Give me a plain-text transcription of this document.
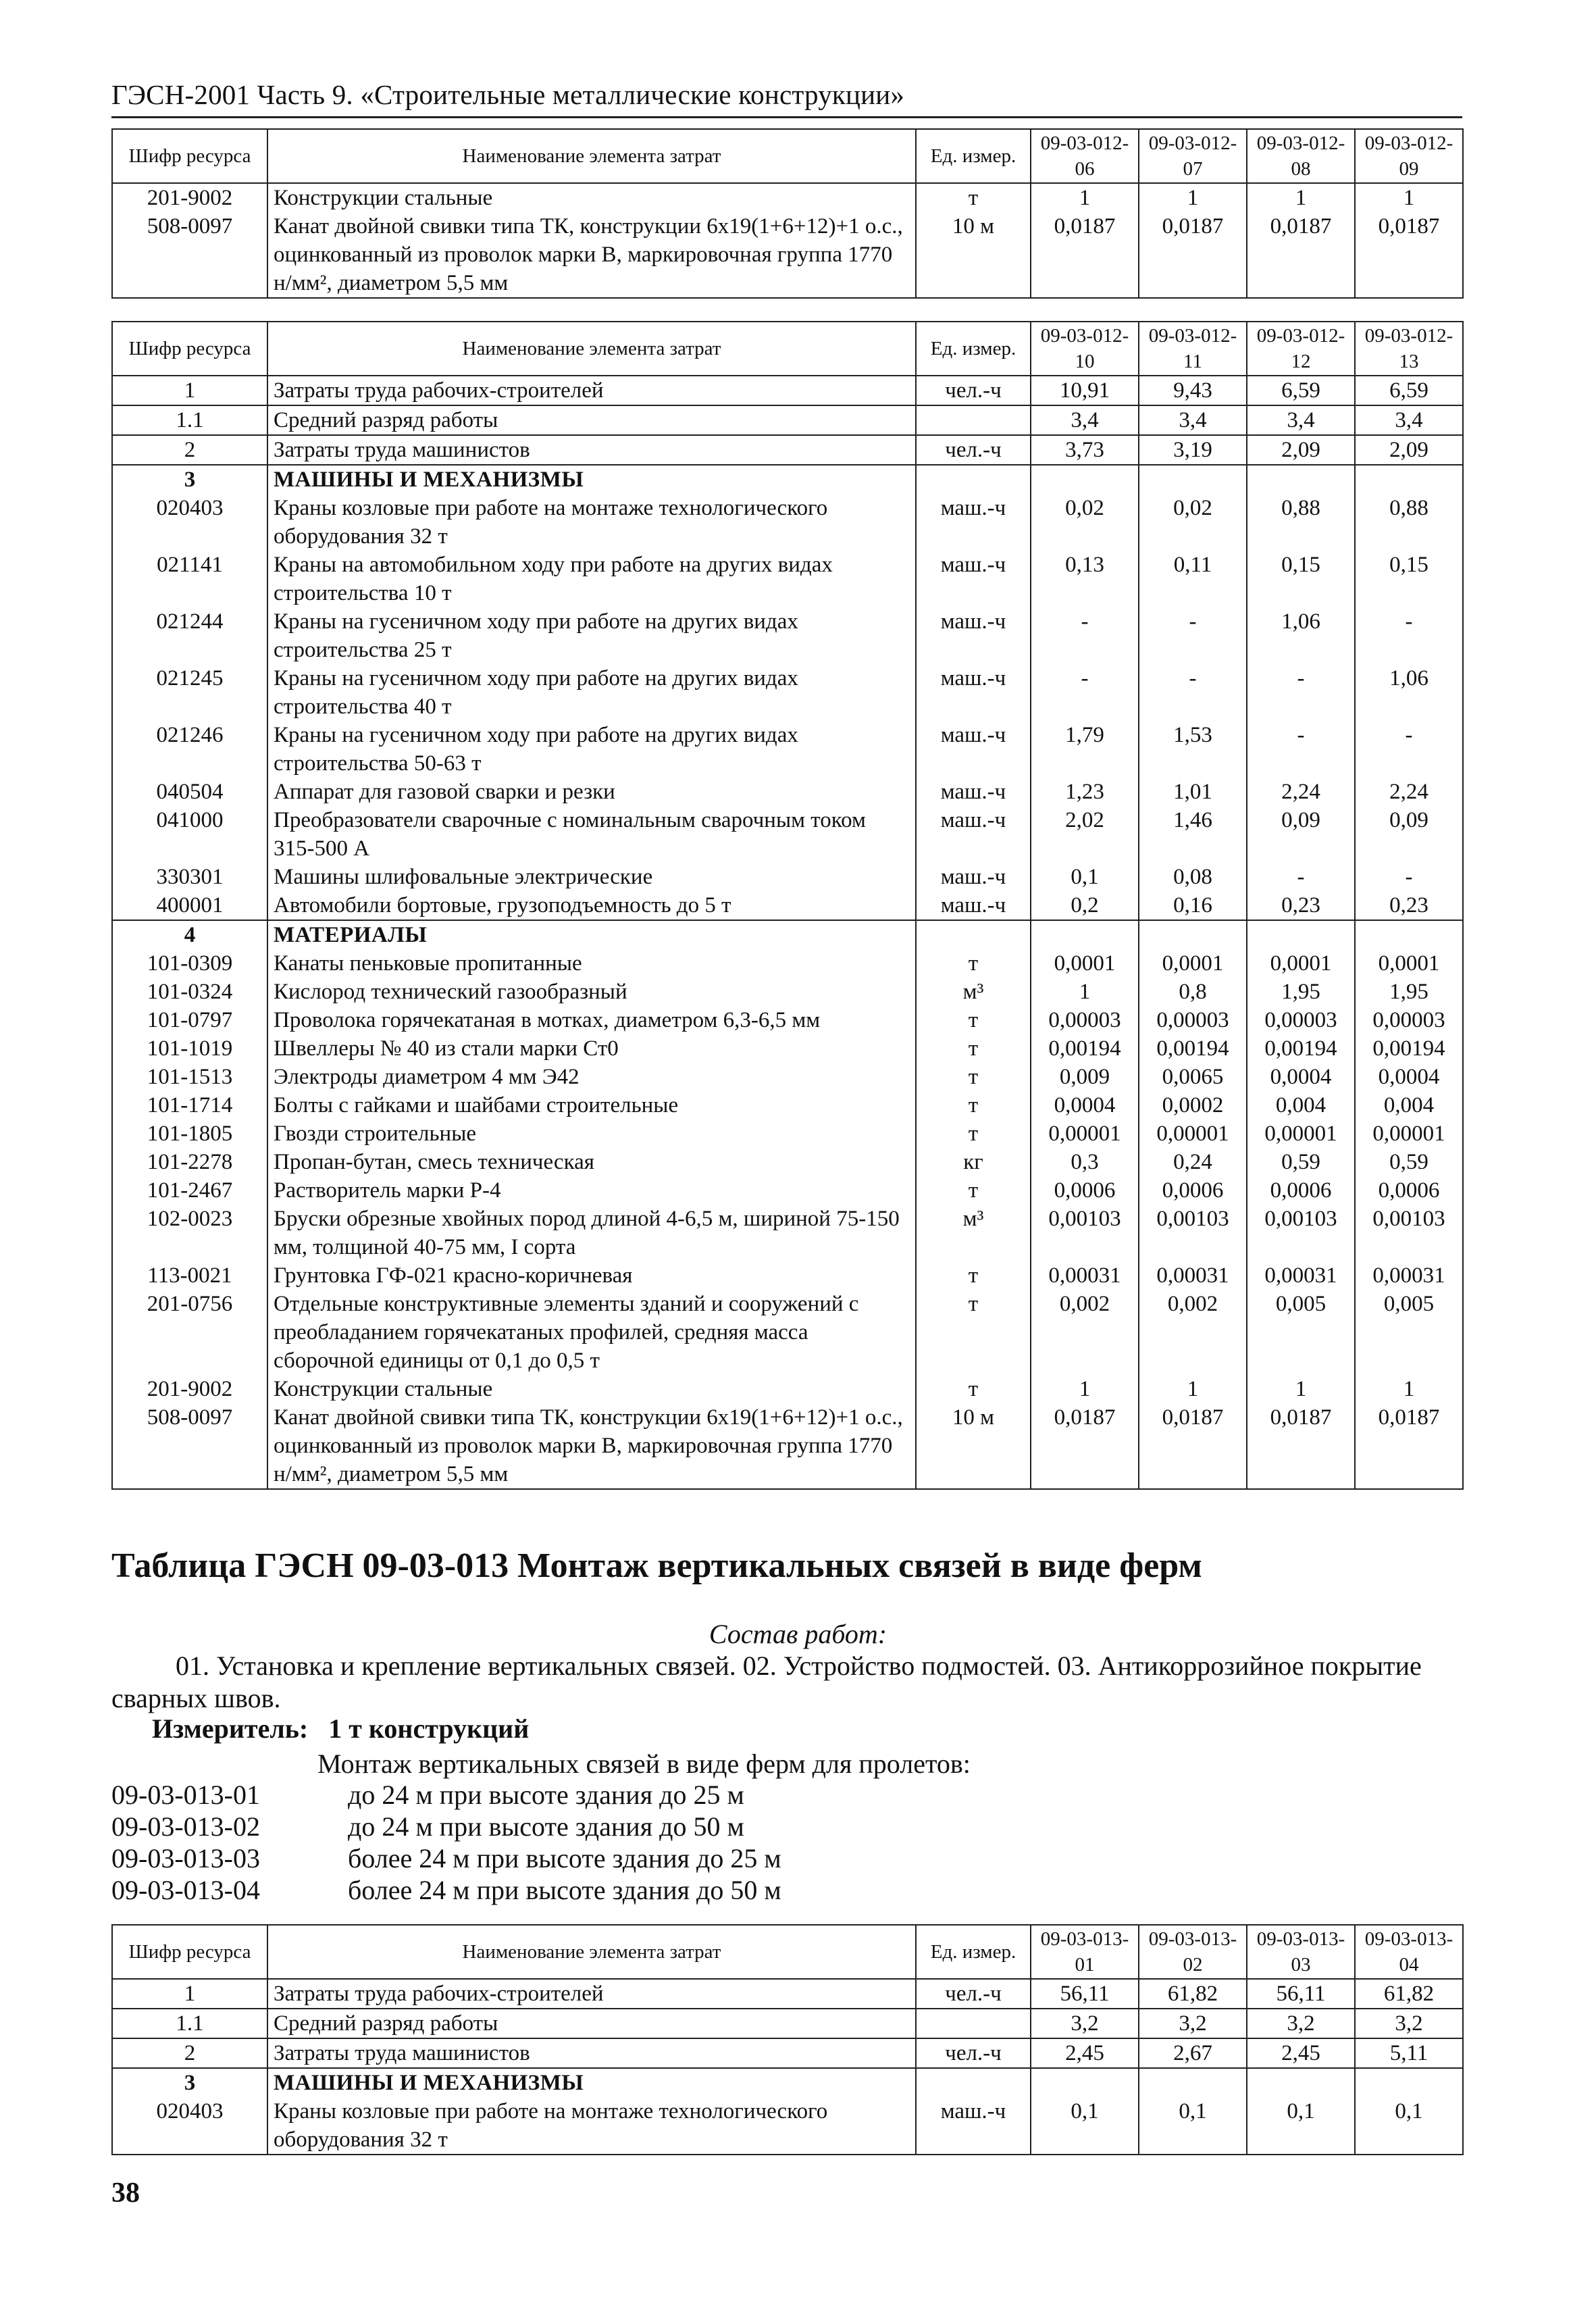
ГЭСН-2001 Часть 9. «Строительные металлические конструкции»
Шифр ресурса	Наименование элемента затрат	Ед. измер.	09-03-012-06	09-03-012-07	09-03-012-08	09-03-012-09
201-9002	Конструкции стальные	т	1	1	1	1
508-0097	Канат двойной свивки типа ТК, конструкции 6х19(1+6+12)+1 о.с., оцинкованный из проволок марки В, маркировочная группа 1770 н/мм², диаметром 5,5 мм	10 м	0,0187	0,0187	0,0187	0,0187
Шифр ресурса	Наименование элемента затрат	Ед. измер.	09-03-012-10	09-03-012-11	09-03-012-12	09-03-012-13
1	Затраты труда рабочих-строителей	чел.-ч	10,91	9,43	6,59	6,59
1.1	Средний разряд работы		3,4	3,4	3,4	3,4
2	Затраты труда машинистов	чел.-ч	3,73	3,19	2,09	2,09
3	МАШИНЫ И МЕХАНИЗМЫ					
020403	Краны козловые при работе на монтаже технологического оборудования 32 т	маш.-ч	0,02	0,02	0,88	0,88
021141	Краны на автомобильном ходу при работе на других видах строительства 10 т	маш.-ч	0,13	0,11	0,15	0,15
021244	Краны на гусеничном ходу при работе на других видах строительства 25 т	маш.-ч	-	-	1,06	-
021245	Краны на гусеничном ходу при работе на других видах строительства 40 т	маш.-ч	-	-	-	1,06
021246	Краны на гусеничном ходу при работе на других видах строительства 50-63 т	маш.-ч	1,79	1,53	-	-
040504	Аппарат для газовой сварки и резки	маш.-ч	1,23	1,01	2,24	2,24
041000	Преобразователи сварочные с номинальным сварочным током 315-500 А	маш.-ч	2,02	1,46	0,09	0,09
330301	Машины шлифовальные электрические	маш.-ч	0,1	0,08	-	-
400001	Автомобили бортовые, грузоподъемность до 5 т	маш.-ч	0,2	0,16	0,23	0,23
4	МАТЕРИАЛЫ					
101-0309	Канаты пеньковые пропитанные	т	0,0001	0,0001	0,0001	0,0001
101-0324	Кислород технический газообразный	м³	1	0,8	1,95	1,95
101-0797	Проволока горячекатаная в мотках, диаметром 6,3-6,5 мм	т	0,00003	0,00003	0,00003	0,00003
101-1019	Швеллеры № 40 из стали марки Ст0	т	0,00194	0,00194	0,00194	0,00194
101-1513	Электроды диаметром 4 мм Э42	т	0,009	0,0065	0,0004	0,0004
101-1714	Болты с гайками и шайбами строительные	т	0,0004	0,0002	0,004	0,004
101-1805	Гвозди строительные	т	0,00001	0,00001	0,00001	0,00001
101-2278	Пропан-бутан, смесь техническая	кг	0,3	0,24	0,59	0,59
101-2467	Растворитель марки Р-4	т	0,0006	0,0006	0,0006	0,0006
102-0023	Бруски обрезные хвойных пород длиной 4-6,5 м, шириной 75-150 мм, толщиной 40-75 мм, I сорта	м³	0,00103	0,00103	0,00103	0,00103
113-0021	Грунтовка ГФ-021 красно-коричневая	т	0,00031	0,00031	0,00031	0,00031
201-0756	Отдельные конструктивные элементы зданий и сооружений с преобладанием горячекатаных профилей, средняя масса сборочной единицы от 0,1 до 0,5 т	т	0,002	0,002	0,005	0,005
201-9002	Конструкции стальные	т	1	1	1	1
508-0097	Канат двойной свивки типа ТК, конструкции 6х19(1+6+12)+1 о.с., оцинкованный из проволок марки В, маркировочная группа 1770 н/мм², диаметром 5,5 мм	10 м	0,0187	0,0187	0,0187	0,0187
Таблица ГЭСН 09-03-013 Монтаж вертикальных связей в виде ферм
Состав работ:
01. Установка и крепление вертикальных связей. 02. Устройство подмостей. 03. Антикоррозийное покрытие сварных швов.
Измеритель: 1 т конструкций
Монтаж вертикальных связей в виде ферм для пролетов:
09-03-013-01	до 24 м при высоте здания до 25 м
09-03-013-02	до 24 м при высоте здания до 50 м
09-03-013-03	более 24 м при высоте здания до 25 м
09-03-013-04	более 24 м при высоте здания до 50 м
Шифр ресурса	Наименование элемента затрат	Ед. измер.	09-03-013-01	09-03-013-02	09-03-013-03	09-03-013-04
1	Затраты труда рабочих-строителей	чел.-ч	56,11	61,82	56,11	61,82
1.1	Средний разряд работы		3,2	3,2	3,2	3,2
2	Затраты труда машинистов	чел.-ч	2,45	2,67	2,45	5,11
3	МАШИНЫ И МЕХАНИЗМЫ					
020403	Краны козловые при работе на монтаже технологического оборудования 32 т	маш.-ч	0,1	0,1	0,1	0,1
38
